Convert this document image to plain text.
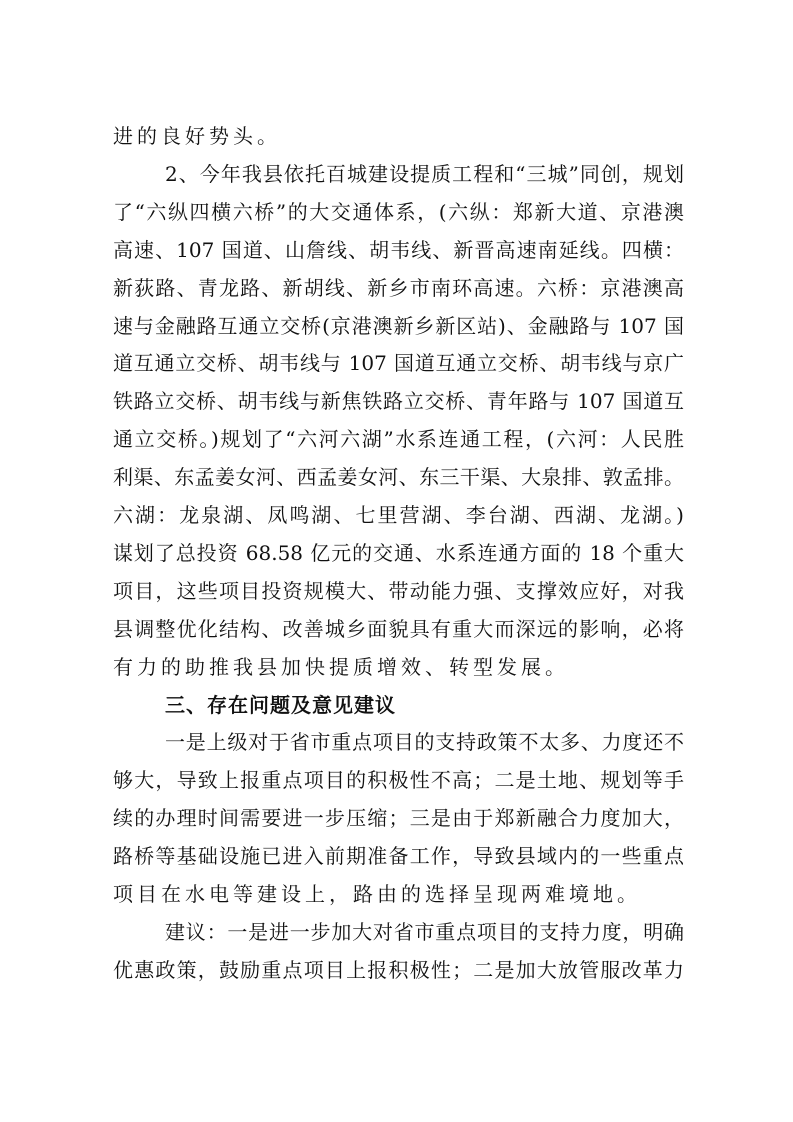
进的良好势头。
2、今年我县依托百城建设提质工程和“三城”同创，规划
了“六纵四横六桥”的大交通体系，(六纵：郑新大道、京港澳
高速、107 国道、山詹线、胡韦线、新晋高速南延线。四横：
新荻路、青龙路、新胡线、新乡市南环高速。六桥：京港澳高
速与金融路互通立交桥(京港澳新乡新区站)、金融路与 107 国
道互通立交桥、胡韦线与 107 国道互通立交桥、胡韦线与京广
铁路立交桥、胡韦线与新焦铁路立交桥、青年路与 107 国道互
通立交桥。)规划了“六河六湖”水系连通工程，(六河：人民胜
利渠、东孟姜女河、西孟姜女河、东三干渠、大泉排、敦孟排。
六湖：龙泉湖、凤鸣湖、七里营湖、李台湖、西湖、龙湖。)
谋划了总投资 68.58 亿元的交通、水系连通方面的 18 个重大
项目，这些项目投资规模大、带动能力强、支撑效应好，对我
县调整优化结构、改善城乡面貌具有重大而深远的影响，必将
有力的助推我县加快提质增效、转型发展。
三、存在问题及意见建议
一是上级对于省市重点项目的支持政策不太多、力度还不
够大，导致上报重点项目的积极性不高；二是土地、规划等手
续的办理时间需要进一步压缩；三是由于郑新融合力度加大，
路桥等基础设施已进入前期准备工作，导致县域内的一些重点
项目在水电等建设上，路由的选择呈现两难境地。
建议：一是进一步加大对省市重点项目的支持力度，明确
优惠政策，鼓励重点项目上报积极性；二是加大放管服改革力
